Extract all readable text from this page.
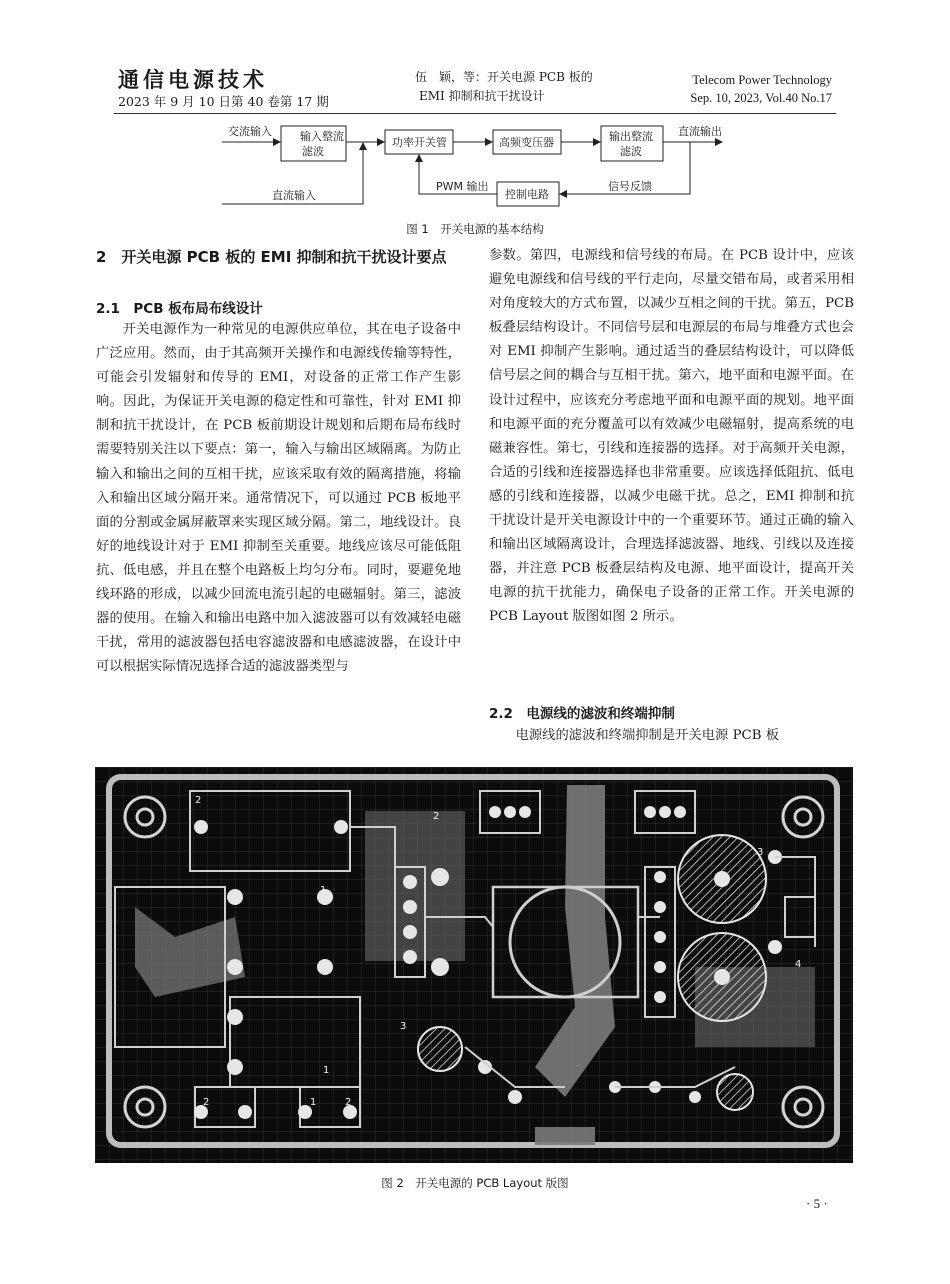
通信电源技术
2023 年 9 月 10 日第 40 卷第 17 期
伍　颖，等：开关电源 PCB 板的
EMI 抑制和抗干扰设计
Telecom Power Technology
Sep. 10, 2023, Vol.40 No.17
交流输入	输入整流
滤波
功率开关管	高频变压器	输出整流
滤波
直流输出
直流输入
PWM 输出
控制电路
信号反馈
图 1　开关电源的基本结构
2　开关电源 PCB 板的 EMI 抑制和抗干扰设计要点
2.1　PCB 板布局布线设计

开关电源作为一种常见的电源供应单位，其在电子设备中广泛应用。然而，由于其高频开关操作和电源线传输等特性，可能会引发辐射和传导的 EMI，对设备的正常工作产生影响。因此，为保证开关电源的稳定性和可靠性，针对 EMI 抑制和抗干扰设计，在 PCB 板前期设计规划和后期布局布线时需要特别关注以下要点：第一，输入与输出区域隔离。为防止输入和输出之间的互相干扰，应该采取有效的隔离措施，将输入和输出区域分隔开来。通常情况下，可以通过 PCB 板地平面的分割或金属屏蔽罩来实现区域分隔。第二，地线设计。良好的地线设计对于 EMI 抑制至关重要。地线应该尽可能低阻抗、低电感，并且在整个电路板上均匀分布。同时，要避免地线环路的形成，以减少回流电流引起的电磁辐射。第三，滤波器的使用。在输入和输出电路中加入滤波器可以有效减轻电磁干扰，常用的滤波器包括电容滤波器和电感滤波器，在设计中可以根据实际情况选择合适的滤波器类型与

参数。第四，电源线和信号线的布局。在 PCB 设计中，应该避免电源线和信号线的平行走向，尽量交错布局，或者采用相对角度较大的方式布置，以减少互相之间的干扰。第五，PCB 板叠层结构设计。不同信号层和电源层的布局与堆叠方式也会对 EMI 抑制产生影响。通过适当的叠层结构设计，可以降低信号层之间的耦合与互相干扰。第六，地平面和电源平面。在设计过程中，应该充分考虑地平面和电源平面的规划。地平面和电源平面的充分覆盖可以有效减少电磁辐射，提高系统的电磁兼容性。第七，引线和连接器的选择。对于高频开关电源，合适的引线和连接器选择也非常重要。应该选择低阻抗、低电感的引线和连接器，以减少电磁干扰。总之，EMI 抑制和抗干扰设计是开关电源设计中的一个重要环节。通过正确的输入和输出区域隔离设计，合理选择滤波器、地线、引线以及连接器，并注意 PCB 板叠层结构及电源、地平面设计，提高开关电源的抗干扰能力，确保电子设备的正常工作。开关电源的 PCB Layout 版图如图 2 所示。

2.2　电源线的滤波和终端抑制

电源线的滤波和终端抑制是开关电源 PCB 板

2
1
1
2
3
2	1	2
1
3
4
图 2　开关电源的 PCB Layout 版图
· 5 ·
